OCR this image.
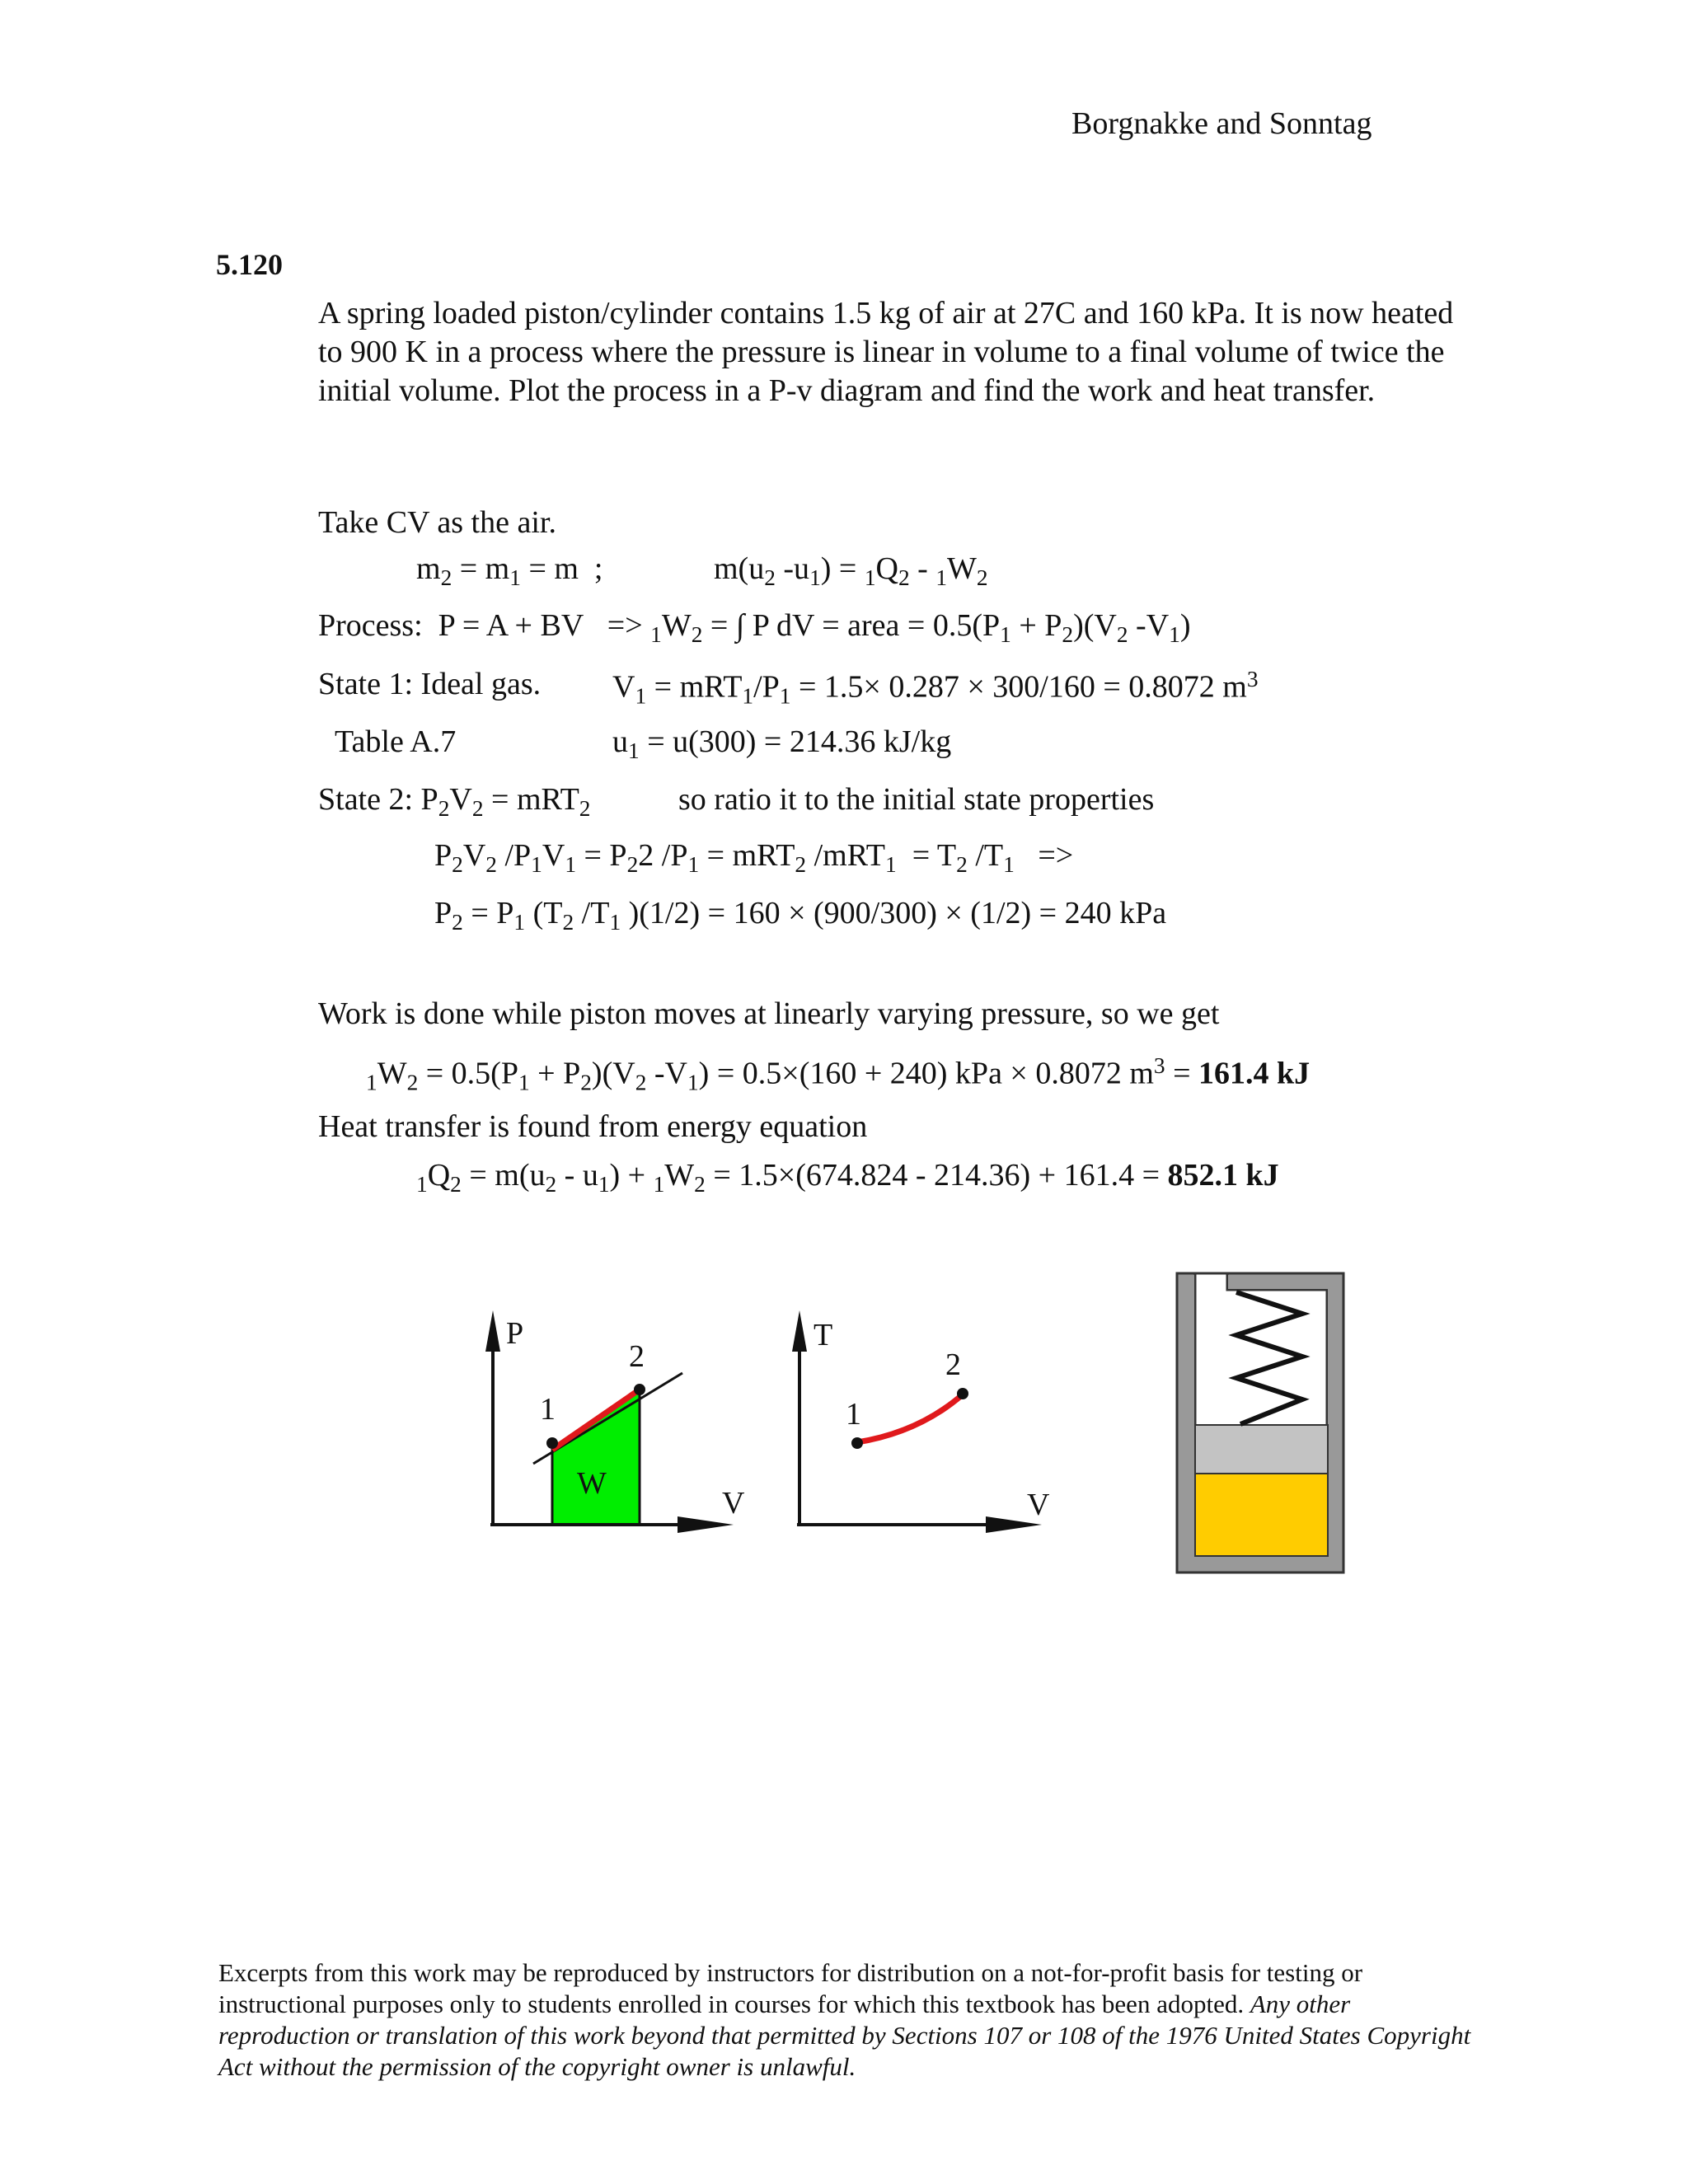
Borgnakke and Sonntag
5.120
A spring loaded piston/cylinder contains 1.5 kg of air at 27C and 160 kPa. It is now heated to 900 K in a process where the pressure is linear in volume to a final volume of twice the initial volume. Plot the process in a P-v diagram and find the work and heat transfer.
Take CV as the air.
$m_2 = m_1 = m$  ;	$m(u_2$ $-u_1) = _1Q_2 - _1W_2$
Process:  P = A + BV => $_1W_2$ = ∫ P dV = area = $0.5(P_1 + P_2)(V_2$ $-V_1$)
State 1: Ideal gas. $V_1 = mRT_1/P_1 = 1.5\times 0.287 \times 300/160 = 0.8072$ $m^3$
Table A.7	$u_1 = u(300) = 214.36$ kJ/kg
State 2: $P_2V_2 = mRT_2$	so ratio it to the initial state properties
$P_2V_2$ $/P_1V_1 = P_22$ $/P_1 = mRT_2$ $/mRT_1 = T_2$ $/T_1$ =>
$P_2 = P_1$ ($T_2$ $/T_1$ )(1/2) = 160 × (900/300) × (1/2) = 240 kPa
Work is done while piston moves at linearly varying pressure, so we get
$_1W_2 = 0.5(P_1 + P_2)(V_2$ $-V_1) = 0.5\times(160 + 240)$ kPa × 0.8072 $m^3 = 161.4$ kJ
Heat transfer is found from energy equation
$_1Q_2 = m(u_2 - u_1) + _1W_2 = 1.5\times(674.824 - 214.36) + 161.4 = 852.1$ kJ
P
V
1
2
W
T
V
1
2
Excerpts from this work may be reproduced by instructors for distribution on a not-for-profit basis for testing or instructional purposes only to students enrolled in courses for which this textbook has been adopted. Any other reproduction or translation of this work beyond that permitted by Sections 107 or 108 of the 1976 United States Copyright Act without the permission of the copyright owner is unlawful.
